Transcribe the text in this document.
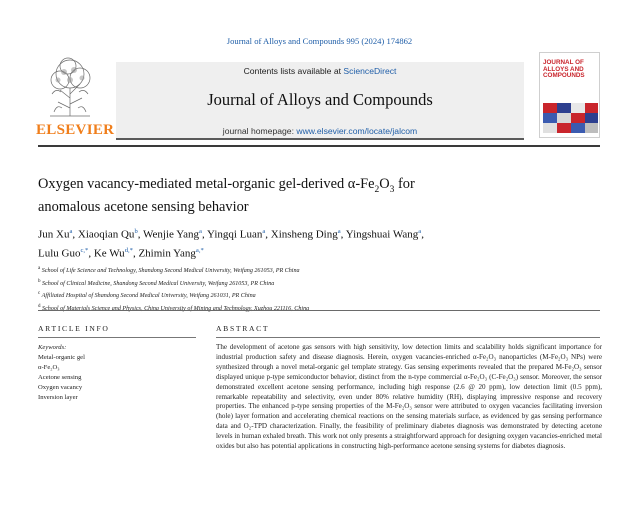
Journal of Alloys and Compounds 995 (2024) 174862
ELSEVIER
Contents lists available at ScienceDirect
Journal of Alloys and Compounds
journal homepage: www.elsevier.com/locate/jalcom
JOURNAL OF
ALLOYS AND
COMPOUNDS
Oxygen vacancy-mediated metal-organic gel-derived $\alpha-Fe_2O_3$ for
anomalous acetone sensing behavior
Jun Xu$^a$, Xiaoqian Qu$^b$, Wenjie Yang$^a$, Yingqi Luan$^a$, Xinsheng Ding$^a$, Yingshuai Wang$^a$,
Lulu Guo$^{c,*}$, Ke $Wu^{d,*}$, Zhimin Yang$^{a,*}$
$^a$ School of Life Science and Technology, Shandong Second Medical University, Weifang 261053, PR China
$^b$ School of Clinical Medicine, Shandong Second Medical University, Weifang 261053, PR China
$^c$ Affiliated Hospital of Shandong Second Medical University, Weifang 261031, PR China
$^d$ School of Materials Science and Physics, China University of Mining and Technology, Xuzhou 221116, China
ARTICLE INFO
Keywords:
Metal-organic gel
α-Fe₂O₃
Acetone sensing
Oxygen vacancy
Inversion layer
ABSTRACT
The development of acetone gas sensors with high sensitivity, low detection limits and scalability holds significant importance for industrial production safety and disease diagnosis. Herein, oxygen vacancies-enriched α-Fe₂O₃ nanoparticles (M-Fe₂O₃ NPs) were synthesized through a novel metal-organic gel template strategy. Gas sensing experiments revealed that the prepared M-Fe₂O₃ sensor displayed unique p-type semiconductor behavior, distinct from the n-type commercial α-Fe₂O₃ (C-Fe₂O₃) sensor. Moreover, the sensor demonstrated excellent acetone sensing performance, including high response (2.6 @ 20 ppm), low detection limit (0.5 ppm), remarkable repeatability and selectivity, even under 80% relative humidity (RH), displaying impressive response and recovery properties. The enhanced p-type sensing properties of the M-Fe₂O₃ sensor were attributed to oxygen vacancies facilitating inversion (hole) layer formation and accelerating chemical reactions on the sensing materials surface, as evidenced by gas sensing performance data and O₂-TPD characterization. Finally, the feasibility of preliminary diabetes diagnosis was demonstrated by detecting acetone levels in human exhaled breath. This work not only presents a straightforward approach for designing oxygen vacancies-enriched metal oxides but also has potential applications in constructing high-performance acetone sensing systems for diabetes diagnosis.
